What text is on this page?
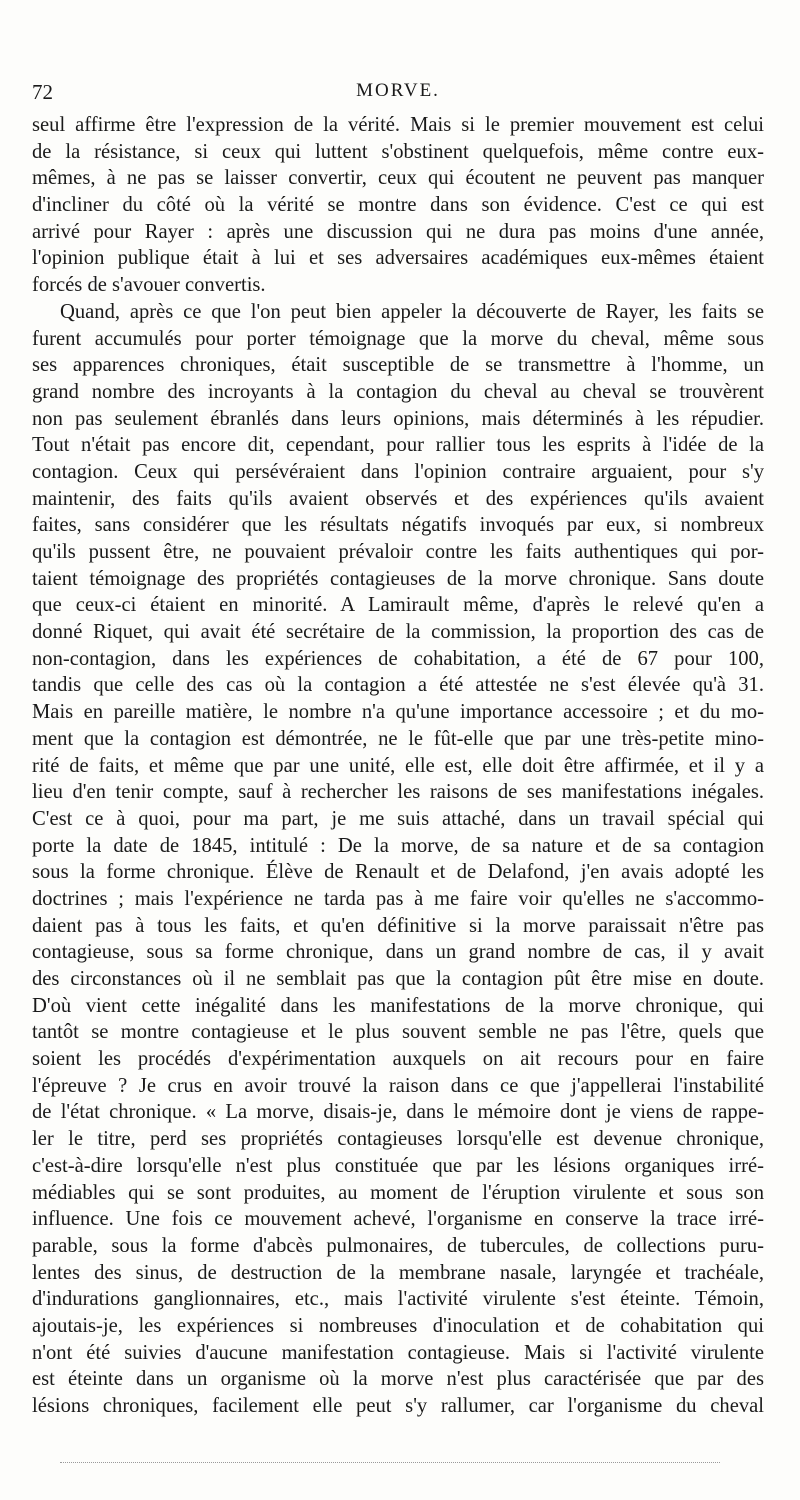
72	MORVE.
seul affirme être l'expression de la vérité. Mais si le premier mouvement est celui
de la résistance, si ceux qui luttent s'obstinent quelquefois, même contre eux-
mêmes, à ne pas se laisser convertir, ceux qui écoutent ne peuvent pas manquer
d'incliner du côté où la vérité se montre dans son évidence. C'est ce qui est
arrivé pour Rayer : après une discussion qui ne dura pas moins d'une année,
l'opinion publique était à lui et ses adversaires académiques eux-mêmes étaient
forcés de s'avouer convertis.
Quand, après ce que l'on peut bien appeler la découverte de Rayer, les faits se
furent accumulés pour porter témoignage que la morve du cheval, même sous
ses apparences chroniques, était susceptible de se transmettre à l'homme, un
grand nombre des incroyants à la contagion du cheval au cheval se trouvèrent
non pas seulement ébranlés dans leurs opinions, mais déterminés à les répudier.
Tout n'était pas encore dit, cependant, pour rallier tous les esprits à l'idée de la
contagion. Ceux qui persévéraient dans l'opinion contraire arguaient, pour s'y
maintenir, des faits qu'ils avaient observés et des expériences qu'ils avaient
faites, sans considérer que les résultats négatifs invoqués par eux, si nombreux
qu'ils pussent être, ne pouvaient prévaloir contre les faits authentiques qui por-
taient témoignage des propriétés contagieuses de la morve chronique. Sans doute
que ceux-ci étaient en minorité. A Lamirault même, d'après le relevé qu'en a
donné Riquet, qui avait été secrétaire de la commission, la proportion des cas de
non-contagion, dans les expériences de cohabitation, a été de 67 pour 100,
tandis que celle des cas où la contagion a été attestée ne s'est élevée qu'à 31.
Mais en pareille matière, le nombre n'a qu'une importance accessoire ; et du mo-
ment que la contagion est démontrée, ne le fût-elle que par une très-petite mino-
rité de faits, et même que par une unité, elle est, elle doit être affirmée, et il y a
lieu d'en tenir compte, sauf à rechercher les raisons de ses manifestations inégales.
C'est ce à quoi, pour ma part, je me suis attaché, dans un travail spécial qui
porte la date de 1845, intitulé : De la morve, de sa nature et de sa contagion
sous la forme chronique. Élève de Renault et de Delafond, j'en avais adopté les
doctrines ; mais l'expérience ne tarda pas à me faire voir qu'elles ne s'accommo-
daient pas à tous les faits, et qu'en définitive si la morve paraissait n'être pas
contagieuse, sous sa forme chronique, dans un grand nombre de cas, il y avait
des circonstances où il ne semblait pas que la contagion pût être mise en doute.
D'où vient cette inégalité dans les manifestations de la morve chronique, qui
tantôt se montre contagieuse et le plus souvent semble ne pas l'être, quels que
soient les procédés d'expérimentation auxquels on ait recours pour en faire
l'épreuve ? Je crus en avoir trouvé la raison dans ce que j'appellerai l'instabilité
de l'état chronique. « La morve, disais-je, dans le mémoire dont je viens de rappe-
ler le titre, perd ses propriétés contagieuses lorsqu'elle est devenue chronique,
c'est-à-dire lorsqu'elle n'est plus constituée que par les lésions organiques irré-
médiables qui se sont produites, au moment de l'éruption virulente et sous son
influence. Une fois ce mouvement achevé, l'organisme en conserve la trace irré-
parable, sous la forme d'abcès pulmonaires, de tubercules, de collections puru-
lentes des sinus, de destruction de la membrane nasale, laryngée et trachéale,
d'indurations ganglionnaires, etc., mais l'activité virulente s'est éteinte. Témoin,
ajoutais-je, les expériences si nombreuses d'inoculation et de cohabitation qui
n'ont été suivies d'aucune manifestation contagieuse. Mais si l'activité virulente
est éteinte dans un organisme où la morve n'est plus caractérisée que par des
lésions chroniques, facilement elle peut s'y rallumer, car l'organisme du cheval
